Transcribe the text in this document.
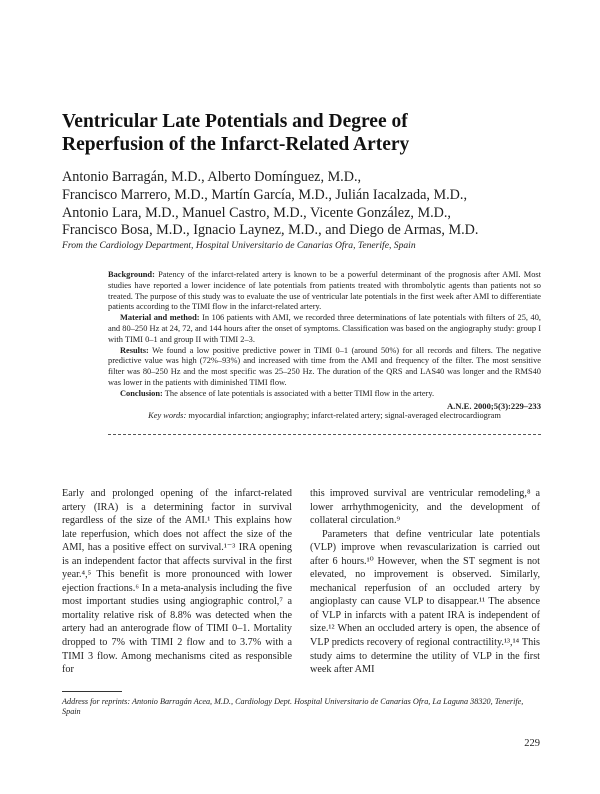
Ventricular Late Potentials and Degree of
Reperfusion of the Infarct-Related Artery
Antonio Barragán, M.D., Alberto Domínguez, M.D.,
Francisco Marrero, M.D., Martín García, M.D., Julián Iacalzada, M.D.,
Antonio Lara, M.D., Manuel Castro, M.D., Vicente González, M.D.,
Francisco Bosa, M.D., Ignacio Laynez, M.D., and Diego de Armas, M.D.
From the Cardiology Department, Hospital Universitario de Canarias Ofra, Tenerife, Spain

Background: Patency of the infarct-related artery is known to be a powerful determinant of the prognosis after AMI. Most studies have reported a lower incidence of late potentials from patients treated with thrombolytic agents than patients not so treated. The purpose of this study was to evaluate the use of ventricular late potentials in the first week after AMI to differentiate patients according to the TIMI flow in the infarct-related artery.

Material and method: In 106 patients with AMI, we recorded three determinations of late potentials with filters of 25, 40, and 80–250 Hz at 24, 72, and 144 hours after the onset of symptoms. Classification was based on the angiography study: group I with TIMI 0–1 and group II with TIMI 2–3.

Results: We found a low positive predictive power in TIMI 0–1 (around 50%) for all records and filters. The negative predictive value was high (72%–93%) and increased with time from the AMI and frequency of the filter. The most sensitive filter was 80–250 Hz and the most specific was 25–250 Hz. The duration of the QRS and LAS40 was longer and the RMS40 was lower in the patients with diminished TIMI flow.

Conclusion: The absence of late potentials is associated with a better TIMI flow in the artery.

A.N.E. 2000;5(3):229–233
Key words: myocardial infarction; angiography; infarct-related artery; signal-averaged electrocardiogram

Early and prolonged opening of the infarct-related artery (IRA) is a determining factor in survival regardless of the size of the AMI.¹ This explains how late reperfusion, which does not affect the size of the AMI, has a positive effect on survival.¹⁻³ IRA opening is an independent factor that affects survival in the first year.⁴,⁵ This benefit is more pronounced with lower ejection fractions.⁶ In a meta-analysis including the five most important studies using angiographic control,⁷ a mortality relative risk of 8.8% was detected when the artery had an anterograde flow of TIMI 0–1. Mortality dropped to 7% with TIMI 2 flow and to 3.7% with a TIMI 3 flow. Among mechanisms cited as responsible for

this improved survival are ventricular remodeling,⁸ a lower arrhythmogenicity, and the development of collateral circulation.⁹

Parameters that define ventricular late potentials (VLP) improve when revascularization is carried out after 6 hours.¹⁰ However, when the ST segment is not elevated, no improvement is observed. Similarly, mechanical reperfusion of an occluded artery by angioplasty can cause VLP to disappear.¹¹ The absence of VLP in infarcts with a patent IRA is independent of size.¹² When an occluded artery is open, the absence of VLP predicts recovery of regional contractility.¹³,¹⁴ This study aims to determine the utility of VLP in the first week after AMI

Address for reprints: Antonio Barragán Acea, M.D., Cardiology Dept. Hospital Universitario de Canarias Ofra, La Laguna 38320, Tenerife, Spain
229
